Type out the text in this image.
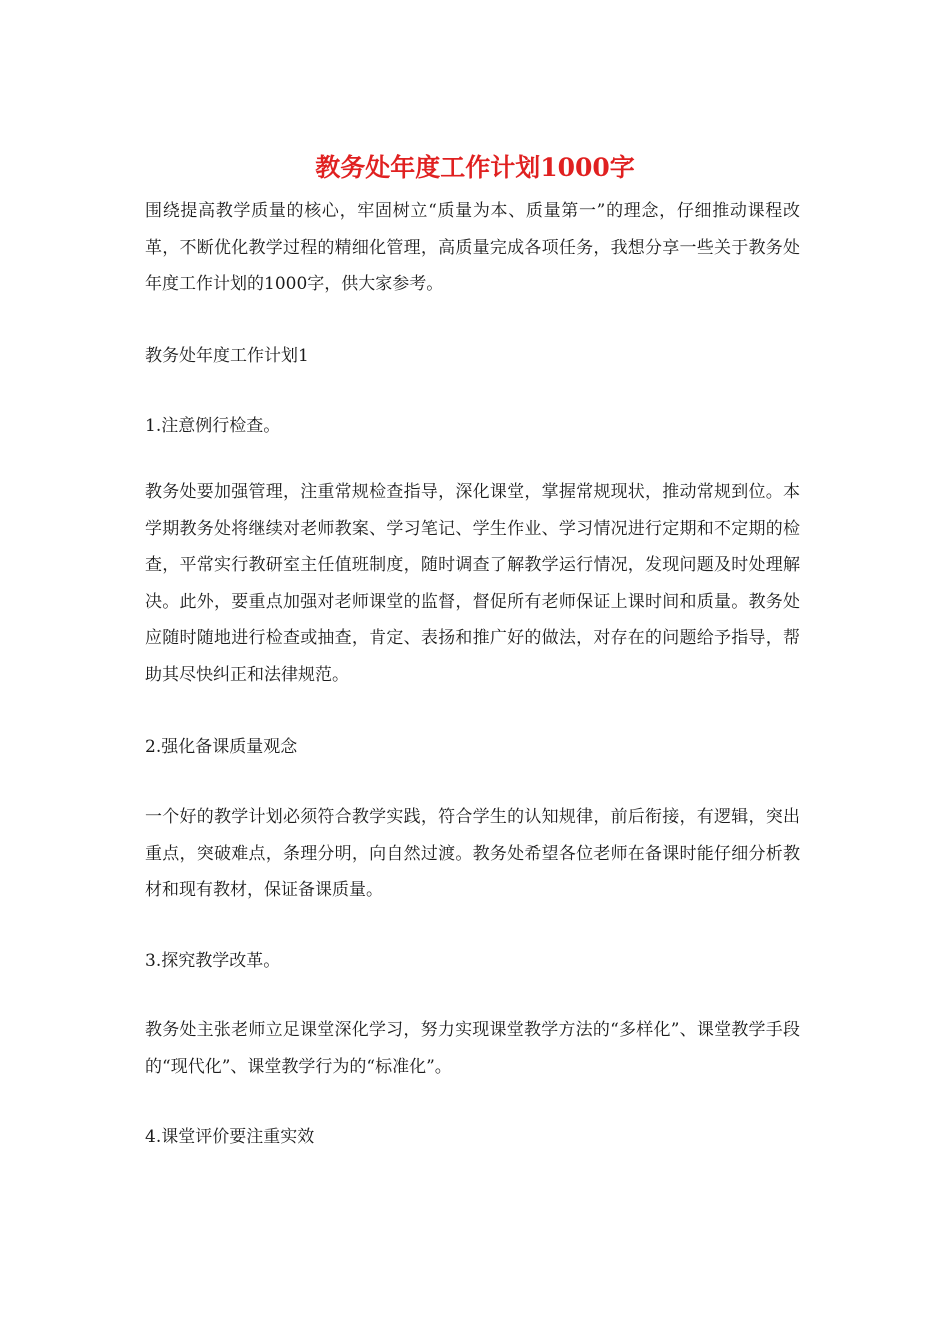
教务处年度工作计划1000字

围绕提高教学质量的核心，牢固树立“质量为本、质量第一”的理念，仔细推动课程改革，不断优化教学过程的精细化管理，高质量完成各项任务，我想分享一些关于教务处年度工作计划的1000字，供大家参考。

教务处年度工作计划1

1.注意例行检查。

教务处要加强管理，注重常规检查指导，深化课堂，掌握常规现状，推动常规到位。本学期教务处将继续对老师教案、学习笔记、学生作业、学习情况进行定期和不定期的检查，平常实行教研室主任值班制度，随时调查了解教学运行情况，发现问题及时处理解决。此外，要重点加强对老师课堂的监督，督促所有老师保证上课时间和质量。教务处应随时随地进行检查或抽查，肯定、表扬和推广好的做法，对存在的问题给予指导，帮助其尽快纠正和法律规范。

2.强化备课质量观念

一个好的教学计划必须符合教学实践，符合学生的认知规律，前后衔接，有逻辑，突出重点，突破难点，条理分明，向自然过渡。教务处希望各位老师在备课时能仔细分析教材和现有教材，保证备课质量。

3.探究教学改革。

教务处主张老师立足课堂深化学习，努力实现课堂教学方法的“多样化”、课堂教学手段的“现代化”、课堂教学行为的“标准化”。

4.课堂评价要注重实效
